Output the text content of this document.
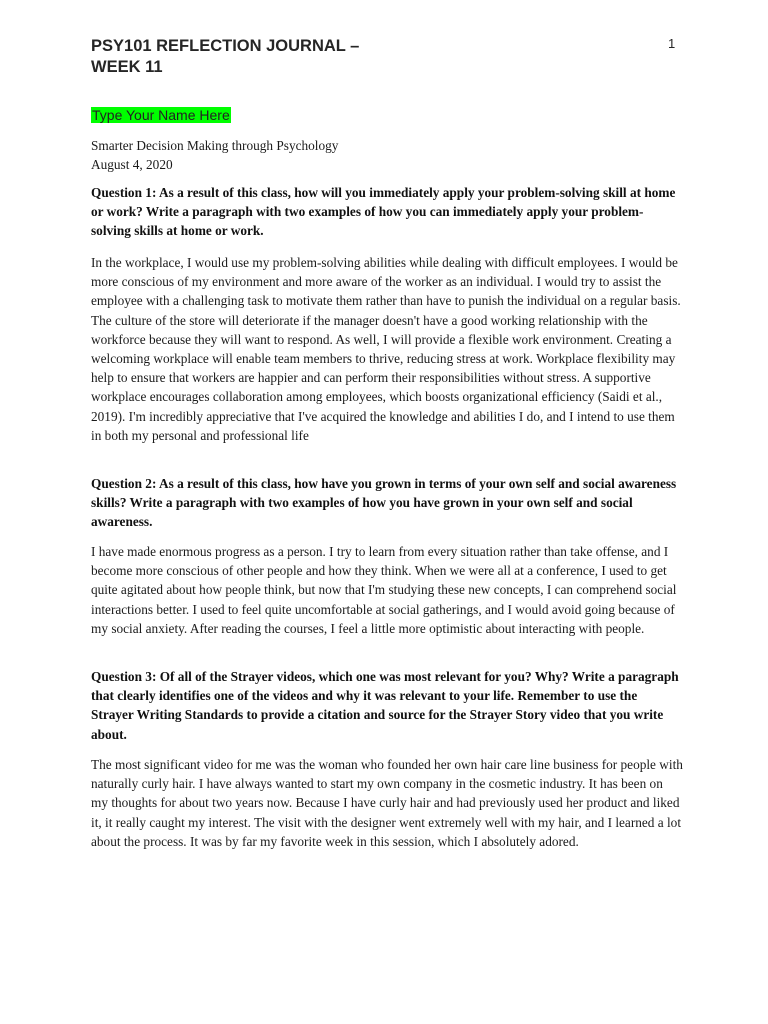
PSY101 REFLECTION JOURNAL –
WEEK 11
1
Type Your Name Here

Smarter Decision Making through Psychology

August 4, 2020

Question 1: As a result of this class, how will you immediately apply your problem-solving skill at home or work? Write a paragraph with two examples of how you can immediately apply your problem-solving skills at home or work.

In the workplace, I would use my problem-solving abilities while dealing with difficult employees. I would be more conscious of my environment and more aware of the worker as an individual. I would try to assist the employee with a challenging task to motivate them rather than have to punish the individual on a regular basis. The culture of the store will deteriorate if the manager doesn't have a good working relationship with the workforce because they will want to respond. As well, I will provide a flexible work environment. Creating a welcoming workplace will enable team members to thrive, reducing stress at work. Workplace flexibility may help to ensure that workers are happier and can perform their responsibilities without stress. A supportive workplace encourages collaboration among employees, which boosts organizational efficiency (Saidi et al., 2019). I'm incredibly appreciative that I've acquired the knowledge and abilities I do, and I intend to use them in both my personal and professional life

Question 2: As a result of this class, how have you grown in terms of your own self and social awareness skills? Write a paragraph with two examples of how you have grown in your own self and social awareness.

I have made enormous progress as a person. I try to learn from every situation rather than take offense, and I become more conscious of other people and how they think. When we were all at a conference, I used to get quite agitated about how people think, but now that I'm studying these new concepts, I can comprehend social interactions better. I used to feel quite uncomfortable at social gatherings, and I would avoid going because of my social anxiety. After reading the courses, I feel a little more optimistic about interacting with people.

Question 3: Of all of the Strayer videos, which one was most relevant for you? Why? Write a paragraph that clearly identifies one of the videos and why it was relevant to your life. Remember to use the Strayer Writing Standards to provide a citation and source for the Strayer Story video that you write about.

The most significant video for me was the woman who founded her own hair care line business for people with naturally curly hair. I have always wanted to start my own company in the cosmetic industry. It has been on my thoughts for about two years now. Because I have curly hair and had previously used her product and liked it, it really caught my interest. The visit with the designer went extremely well with my hair, and I learned a lot about the process. It was by far my favorite week in this session, which I absolutely adored.
